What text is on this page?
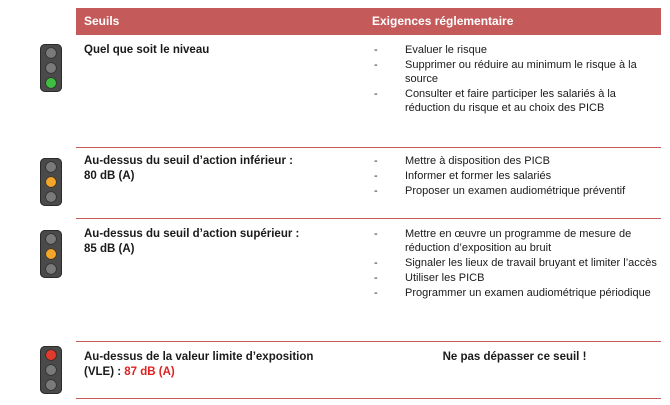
Seuils	Exigences réglementaire
Quel que soit le niveau
-	Evaluer le risque
- Supprimer ou réduire au minimum le risque à la source
- Consulter et faire participer les salariés à la réduction du risque et au choix des PICB
Au-dessus du seuil d’action inférieur :
80 dB (A)
- Mettre à disposition des PICB
- Informer et former les salariés
- Proposer un examen audiométrique préventif
Au-dessus du seuil d’action supérieur :
85 dB (A)
- Mettre en œuvre un programme de mesure de réduction d’exposition au bruit
- Signaler les lieux de travail bruyant et limiter l’accès
- Utiliser les PICB
- Programmer un examen audiométrique périodique
Au-dessus de la valeur limite d’exposition
(VLE) : 87 dB (A)
Ne pas dépasser ce seuil !
